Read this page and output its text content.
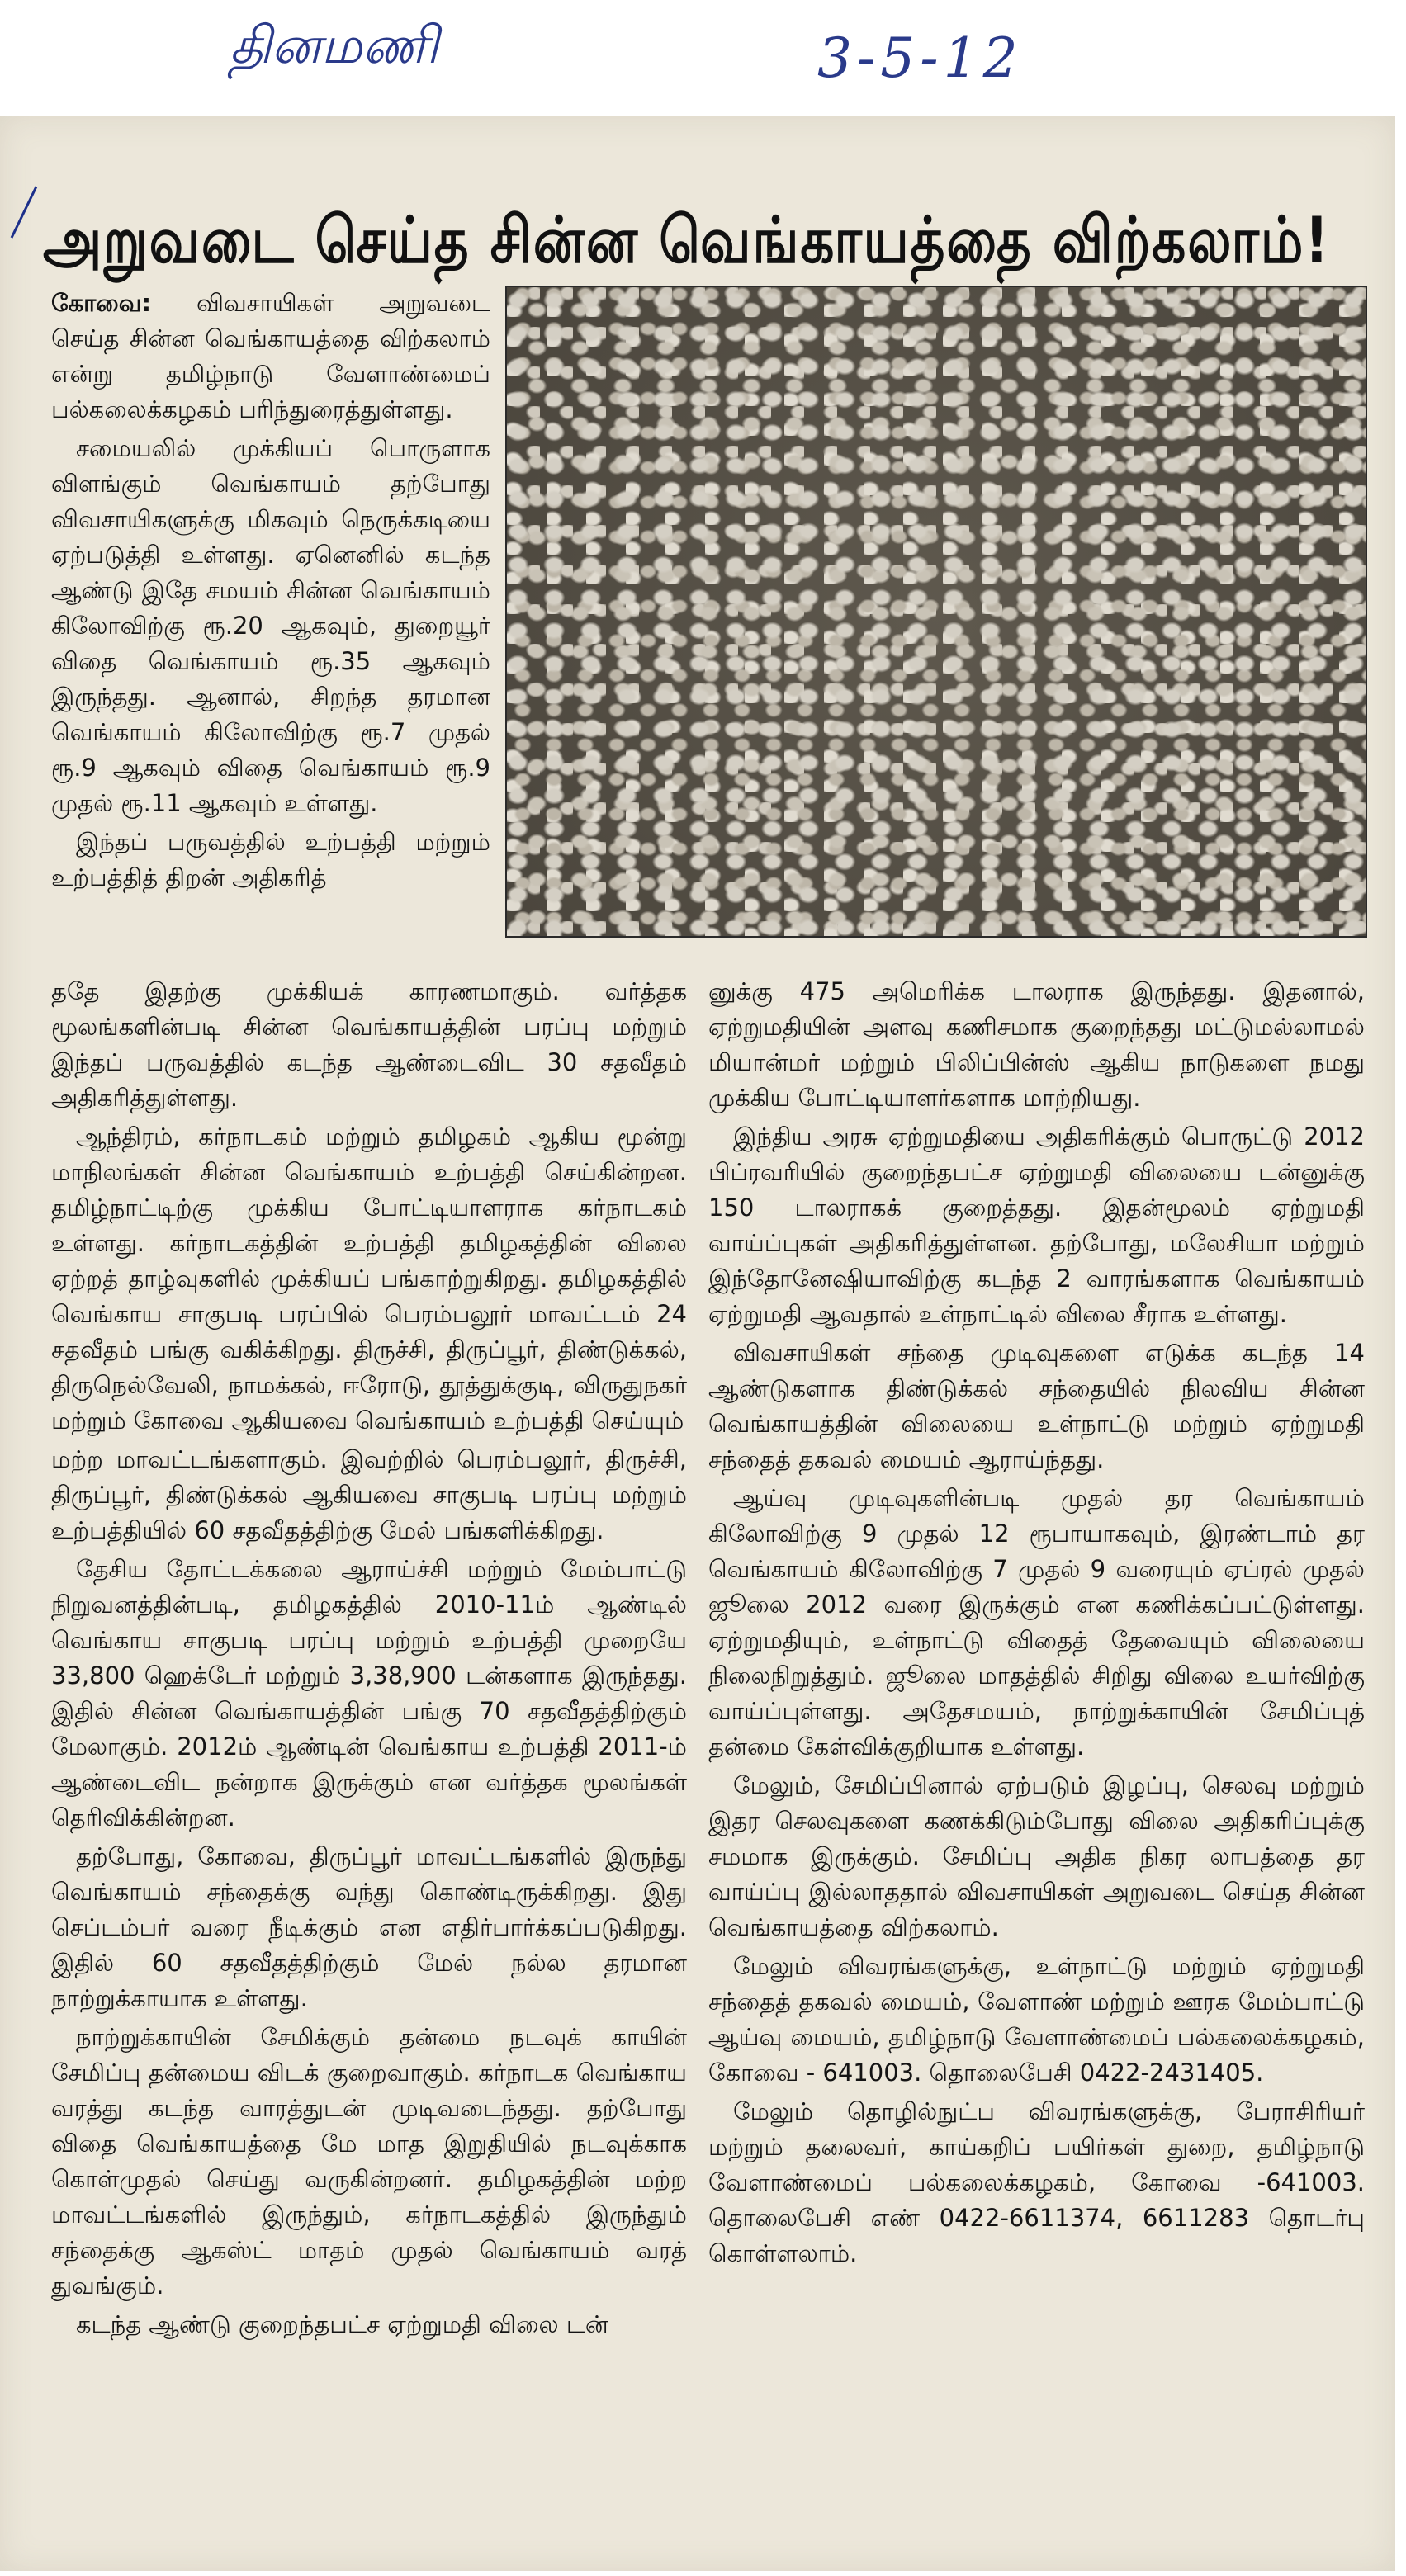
தினமணி	3-5-12
அறுவடை செய்த சின்ன வெங்காயத்தை விற்கலாம்!

கோவை: விவசாயிகள் அறுவடை செய்த சின்ன வெங்காயத்தை விற்கலாம் என்று தமிழ்நாடு வேளாண்மைப் பல்கலைக்கழகம் பரிந்துரைத்துள்ளது.

சமையலில் முக்கியப் பொருளாக விளங்கும் வெங்காயம் தற்போது விவசாயிகளுக்கு மிகவும் நெருக்கடியை ஏற்படுத்தி உள்ளது. ஏனெனில் கடந்த ஆண்டு இதே சமயம் சின்ன வெங்காயம் கிலோவிற்கு ரூ.20 ஆகவும், துறையூர் விதை வெங்காயம் ரூ.35 ஆகவும் இருந்தது. ஆனால், சிறந்த தரமான வெங்காயம் கிலோவிற்கு ரூ.7 முதல் ரூ.9 ஆகவும் விதை வெங்காயம் ரூ.9 முதல் ரூ.11 ஆகவும் உள்ளது.

இந்தப் பருவத்தில் உற்பத்தி மற்றும் உற்பத்தித் திறன் அதிகரித்

ததே இதற்கு முக்கியக் காரணமாகும். வர்த்தக மூலங்களின்படி சின்ன வெங்காயத்தின் பரப்பு மற்றும் இந்தப் பருவத்தில் கடந்த ஆண்டைவிட 30 சதவீதம் அதிகரித்துள்ளது.

ஆந்திரம், கர்நாடகம் மற்றும் தமிழகம் ஆகிய மூன்று மாநிலங்கள் சின்ன வெங்காயம் உற்பத்தி செய்கின்றன. தமிழ்நாட்டிற்கு முக்கிய போட்டியாளராக கர்நாடகம் உள்ளது. கர்நாடகத்தின் உற்பத்தி தமிழகத்தின் விலை ஏற்றத் தாழ்வுகளில் முக்கியப் பங்காற்றுகிறது. தமிழகத்தில் வெங்காய சாகுபடி பரப்பில் பெரம்பலூர் மாவட்டம் 24 சதவீதம் பங்கு வகிக்கிறது. திருச்சி, திருப்பூர், திண்டுக்கல், திருநெல்வேலி, நாமக்கல், ஈரோடு, தூத்துக்குடி, விருதுநகர் மற்றும் கோவை ஆகியவை வெங்காயம் உற்பத்தி செய்யும்

மற்ற மாவட்டங்களாகும். இவற்றில் பெரம்பலூர், திருச்சி, திருப்பூர், திண்டுக்கல் ஆகியவை சாகுபடி பரப்பு மற்றும் உற்பத்தியில் 60 சதவீதத்திற்கு மேல் பங்களிக்கிறது.

தேசிய தோட்டக்கலை ஆராய்ச்சி மற்றும் மேம்பாட்டு நிறுவனத்தின்படி, தமிழகத்தில் 2010-11ம் ஆண்டில் வெங்காய சாகுபடி பரப்பு மற்றும் உற்பத்தி முறையே 33,800 ஹெக்டேர் மற்றும் 3,38,900 டன்களாக இருந்தது. இதில் சின்ன வெங்காயத்தின் பங்கு 70 சதவீதத்திற்கும் மேலாகும். 2012ம் ஆண்டின் வெங்காய உற்பத்தி 2011-ம் ஆண்டைவிட நன்றாக இருக்கும் என வர்த்தக மூலங்கள் தெரிவிக்கின்றன.

தற்போது, கோவை, திருப்பூர் மாவட்டங்களில் இருந்து வெங்காயம் சந்தைக்கு வந்து கொண்டிருக்கிறது. இது செப்டம்பர் வரை நீடிக்கும் என எதிர்பார்க்கப்படுகிறது. இதில் 60 சதவீதத்திற்கும் மேல் நல்ல தரமான நாற்றுக்காயாக உள்ளது.

நாற்றுக்காயின் சேமிக்கும் தன்மை நடவுக் காயின் சேமிப்பு தன்மைய விடக் குறைவாகும். கர்நாடக வெங்காய வரத்து கடந்த வாரத்துடன் முடிவடைந்தது. தற்போது விதை வெங்காயத்தை மே மாத இறுதியில் நடவுக்காக கொள்முதல் செய்து வருகின்றனர். தமிழகத்தின் மற்ற மாவட்டங்களில் இருந்தும், கர்நாடகத்தில் இருந்தும் சந்தைக்கு ஆகஸ்ட் மாதம் முதல் வெங்காயம் வரத் துவங்கும்.

கடந்த ஆண்டு குறைந்தபட்ச ஏற்றுமதி விலை டன்

னுக்கு 475 அமெரிக்க டாலராக இருந்தது. இதனால், ஏற்றுமதியின் அளவு கணிசமாக குறைந்தது மட்டுமல்லாமல் மியான்மர் மற்றும் பிலிப்பின்ஸ் ஆகிய நாடுகளை நமது முக்கிய போட்டியாளர்களாக மாற்றியது.

இந்திய அரசு ஏற்றுமதியை அதிகரிக்கும் பொருட்டு 2012 பிப்ரவரியில் குறைந்தபட்ச ஏற்றுமதி விலையை டன்னுக்கு 150 டாலராகக் குறைத்தது. இதன்மூலம் ஏற்றுமதி வாய்ப்புகள் அதிகரித்துள்ளன. தற்போது, மலேசியா மற்றும் இந்தோனேஷியாவிற்கு கடந்த 2 வாரங்களாக வெங்காயம் ஏற்றுமதி ஆவதால் உள்நாட்டில் விலை சீராக உள்ளது.

விவசாயிகள் சந்தை முடிவுகளை எடுக்க கடந்த 14 ஆண்டுகளாக திண்டுக்கல் சந்தையில் நிலவிய சின்ன வெங்காயத்தின் விலையை உள்நாட்டு மற்றும் ஏற்றுமதி சந்தைத் தகவல் மையம் ஆராய்ந்தது.

ஆய்வு முடிவுகளின்படி முதல் தர வெங்காயம் கிலோவிற்கு 9 முதல் 12 ரூபாயாகவும், இரண்டாம் தர வெங்காயம் கிலோவிற்கு 7 முதல் 9 வரையும் ஏப்ரல் முதல் ஜூலை 2012 வரை இருக்கும் என கணிக்கப்பட்டுள்ளது. ஏற்றுமதியும், உள்நாட்டு விதைத் தேவையும் விலையை நிலைநிறுத்தும். ஜூலை மாதத்தில் சிறிது விலை உயர்விற்கு வாய்ப்புள்ளது. அதேசமயம், நாற்றுக்காயின் சேமிப்புத் தன்மை கேள்விக்குறியாக உள்ளது.

மேலும், சேமிப்பினால் ஏற்படும் இழப்பு, செலவு மற்றும் இதர செலவுகளை கணக்கிடும்போது விலை அதிகரிப்புக்கு சமமாக இருக்கும். சேமிப்பு அதிக நிகர லாபத்தை தர வாய்ப்பு இல்லாததால் விவசாயிகள் அறுவடை செய்த சின்ன வெங்காயத்தை விற்கலாம்.

மேலும் விவரங்களுக்கு, உள்நாட்டு மற்றும் ஏற்றுமதி சந்தைத் தகவல் மையம், வேளாண் மற்றும் ஊரக மேம்பாட்டு ஆய்வு மையம், தமிழ்நாடு வேளாண்மைப் பல்கலைக்கழகம், கோவை - 641003. தொலைபேசி 0422-2431405.

மேலும் தொழில்நுட்ப விவரங்களுக்கு, பேராசிரியர் மற்றும் தலைவர், காய்கறிப் பயிர்கள் துறை, தமிழ்நாடு வேளாண்மைப் பல்கலைக்கழகம், கோவை -641003. தொலைபேசி எண் 0422-6611374, 6611283 தொடர்பு கொள்ளலாம்.
